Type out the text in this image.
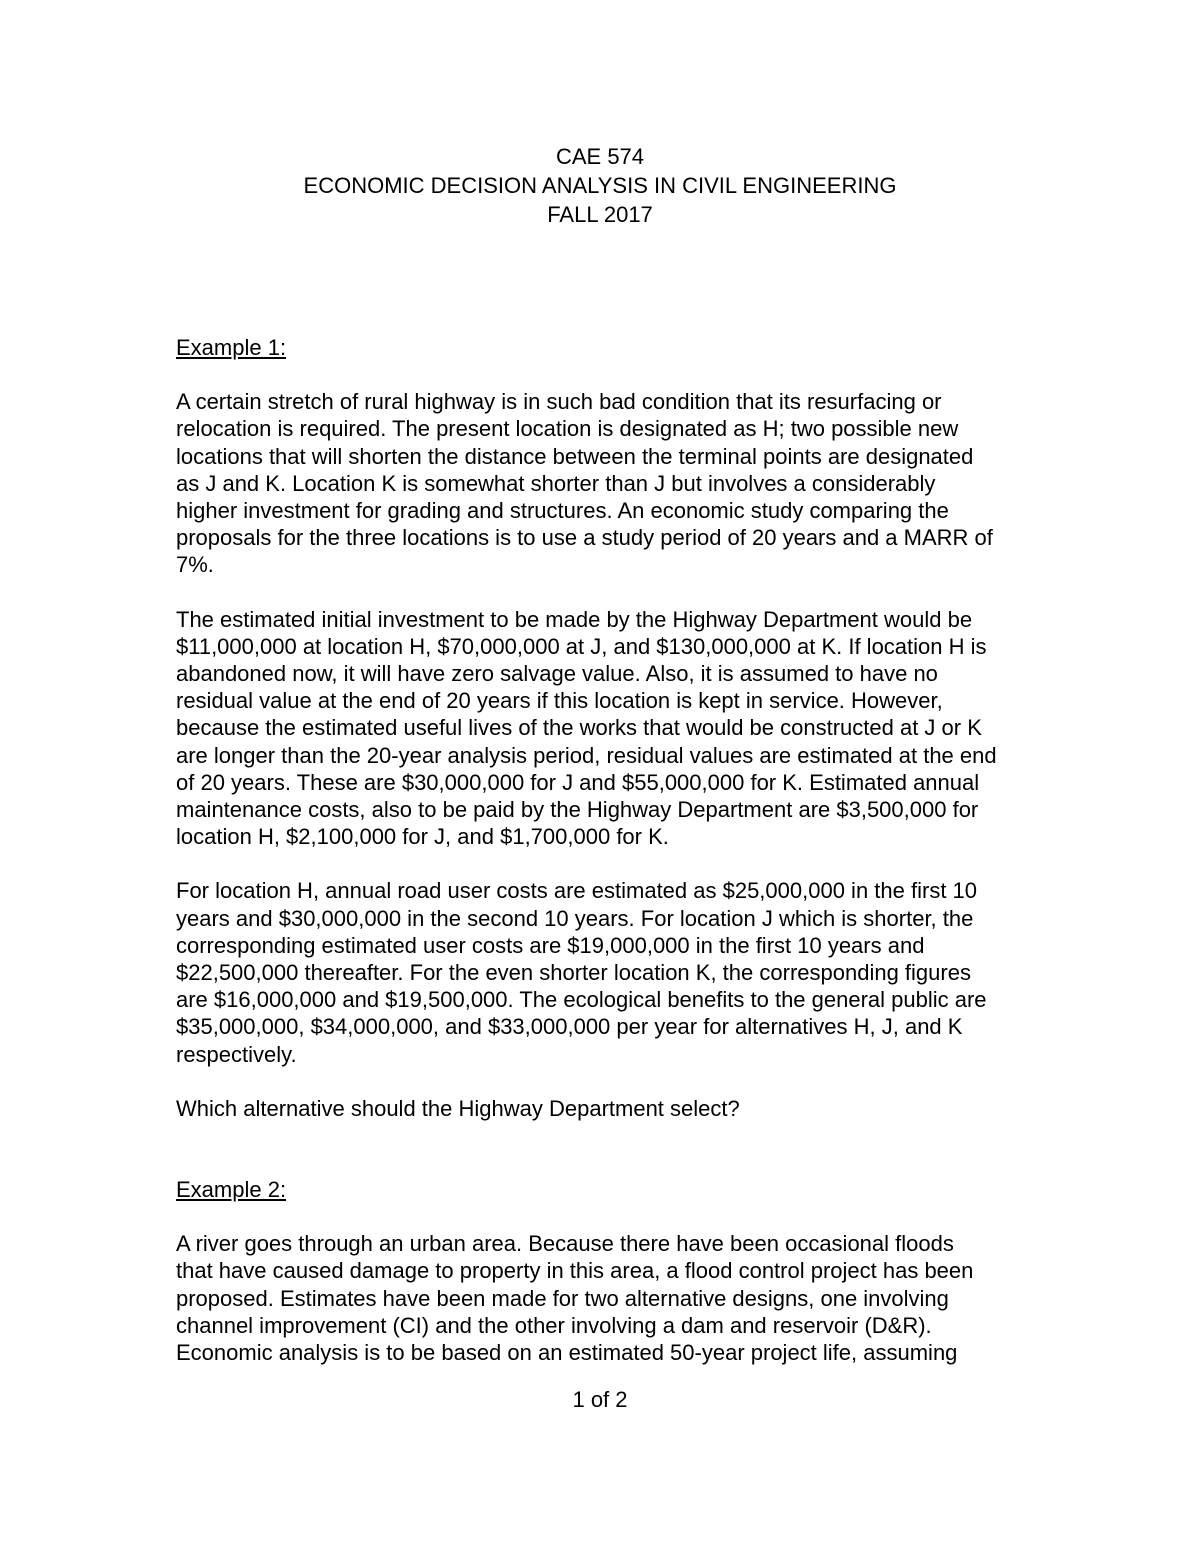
CAE 574
ECONOMIC DECISION ANALYSIS IN CIVIL ENGINEERING
FALL 2017

Example 1:

A certain stretch of rural highway is in such bad condition that its resurfacing or
relocation is required. The present location is designated as H; two possible new
locations that will shorten the distance between the terminal points are designated
as J and K. Location K is somewhat shorter than J but involves a considerably
higher investment for grading and structures. An economic study comparing the
proposals for the three locations is to use a study period of 20 years and a MARR of
7%.
The estimated initial investment to be made by the Highway Department would be
$11,000,000 at location H, $70,000,000 at J, and $130,000,000 at K. If location H is
abandoned now, it will have zero salvage value. Also, it is assumed to have no
residual value at the end of 20 years if this location is kept in service. However,
because the estimated useful lives of the works that would be constructed at J or K
are longer than the 20-year analysis period, residual values are estimated at the end
of 20 years. These are $30,000,000 for J and $55,000,000 for K. Estimated annual
maintenance costs, also to be paid by the Highway Department are $3,500,000 for
location H, $2,100,000 for J, and $1,700,000 for K.
For location H, annual road user costs are estimated as $25,000,000 in the first 10
years and $30,000,000 in the second 10 years. For location J which is shorter, the
corresponding estimated user costs are $19,000,000 in the first 10 years and
$22,500,000 thereafter. For the even shorter location K, the corresponding figures
are $16,000,000 and $19,500,000. The ecological benefits to the general public are
$35,000,000, $34,000,000, and $33,000,000 per year for alternatives H, J, and K
respectively.
Which alternative should the Highway Department select?

Example 2:

A river goes through an urban area. Because there have been occasional floods
that have caused damage to property in this area, a flood control project has been
proposed. Estimates have been made for two alternative designs, one involving
channel improvement (CI) and the other involving a dam and reservoir (D&R).
Economic analysis is to be based on an estimated 50-year project life, assuming
1 of 2
